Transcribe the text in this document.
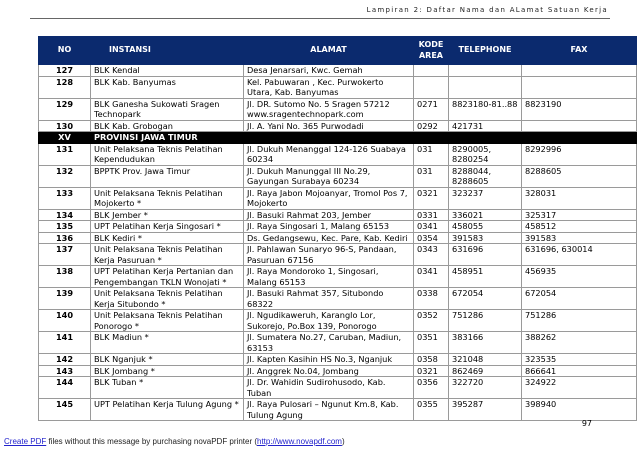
Lampiran 2: Daftar Nama dan ALamat Satuan Kerja
NO	INSTANSI	ALAMAT	KODE AREA	TELEPHONE	FAX
127	BLK Kendal	Desa Jenarsari, Kwc. Gemah			
128	BLK Kab. Banyumas	Kel. Pabuwaran , Kec. Purwokerto Utara, Kab. Banyumas			
129	BLK Ganesha Sukowati Sragen Technopark	Jl. DR. Sutomo No. 5 Sragen 57212 www.sragentechnopark.com	0271	8823180-81..88	8823190
130	BLK Kab. Grobogan	Jl. A. Yani No. 365 Purwodadi	0292	421731	
XV	PROVINSI JAWA TIMUR				
131	Unit Pelaksana Teknis Pelatihan Kependudukan	Jl. Dukuh Menanggal 124-126 Suabaya 60234	031	8290005, 8280254	8292996
132	BPPTK Prov. Jawa Timur	Jl. Dukuh Manunggal III No.29, Gayungan Surabaya 60234	031	8288044, 8288605	8288605
133	Unit Pelaksana Teknis Pelatihan Mojokerto *	Jl. Raya Jabon Mojoanyar, Tromol Pos 7, Mojokerto	0321	323237	328031
134	BLK Jember *	Jl. Basuki Rahmat 203, Jember	0331	336021	325317
135	UPT Pelatihan Kerja Singosari *	Jl. Raya Singosari 1, Malang 65153	0341	458055	458512
136	BLK Kediri *	Ds. Gedangsewu, Kec. Pare, Kab. Kediri	0354	391583	391583
137	Unit Pelaksana Teknis Pelatihan Kerja Pasuruan *	Jl. Pahlawan Sunaryo 96-S, Pandaan, Pasuruan 67156	0343	631696	631696, 630014
138	UPT Pelatihan Kerja Pertanian dan Pengembangan TKLN Wonojati *	Jl. Raya Mondoroko 1, Singosari, Malang 65153	0341	458951	456935
139	Unit Pelaksana Teknis Pelatihan Kerja Situbondo *	Jl. Basuki Rahmat 357, Situbondo 68322	0338	672054	672054
140	Unit Pelaksana Teknis Pelatihan Ponorogo *	Jl. Ngudikaweruh, Karanglo Lor, Sukorejo, Po.Box 139, Ponorogo	0352	751286	751286
141	BLK Madiun *	Jl. Sumatera No.27, Caruban, Madiun, 63153	0351	383166	388262
142	BLK Nganjuk *	Jl. Kapten Kasihin HS No.3, Nganjuk	0358	321048	323535
143	BLK Jombang *	Jl. Anggrek No.04, Jombang	0321	862469	866641
144	BLK Tuban *	Jl. Dr. Wahidin Sudirohusodo, Kab. Tuban	0356	322720	324922
145	UPT Pelatihan Kerja Tulung Agung *	Jl. Raya Pulosari – Ngunut Km.8, Kab. Tulung Agung	0355	395287	398940
97
Create PDF files without this message by purchasing novaPDF printer (http://www.novapdf.com)
